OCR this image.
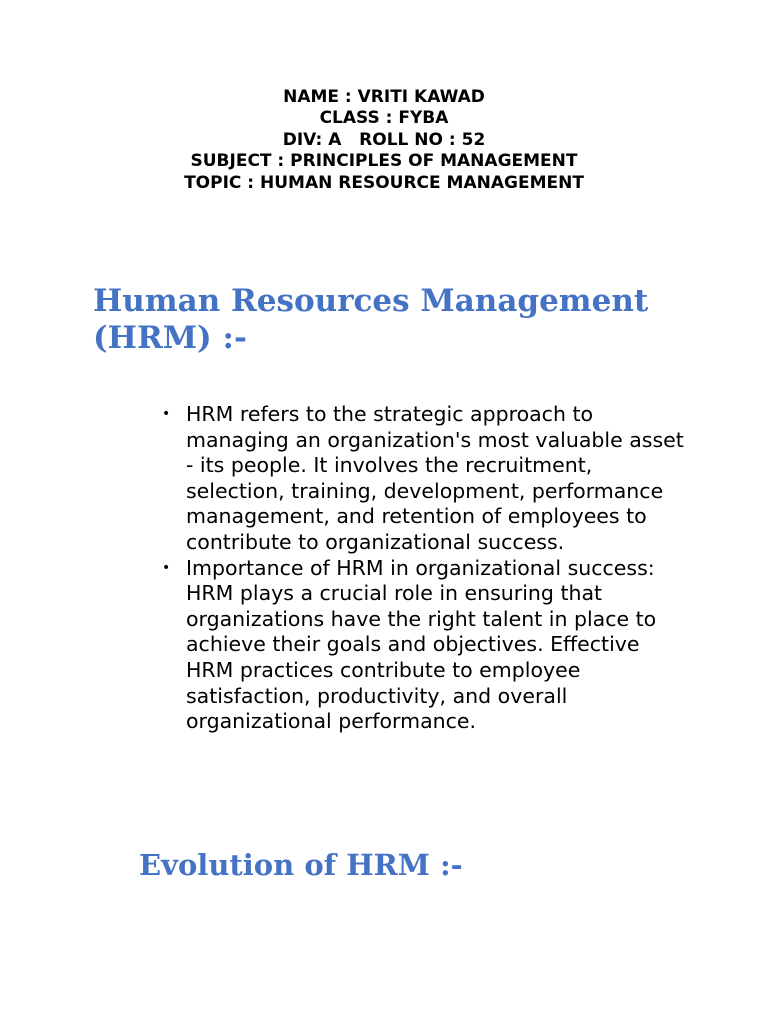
NAME : VRITI KAWAD
CLASS : FYBA
DIV: A   ROLL NO : 52
SUBJECT : PRINCIPLES OF MANAGEMENT
TOPIC : HUMAN RESOURCE MANAGEMENT
Human Resources Management (HRM) :-
• HRM refers to the strategic approach to managing an organization's most valuable asset - its people. It involves the recruitment, selection, training, development, performance management, and retention of employees to contribute to organizational success.
• Importance of HRM in organizational success: HRM plays a crucial role in ensuring that organizations have the right talent in place to achieve their goals and objectives. Effective HRM practices contribute to employee satisfaction, productivity, and overall organizational performance.
Evolution of HRM :-
